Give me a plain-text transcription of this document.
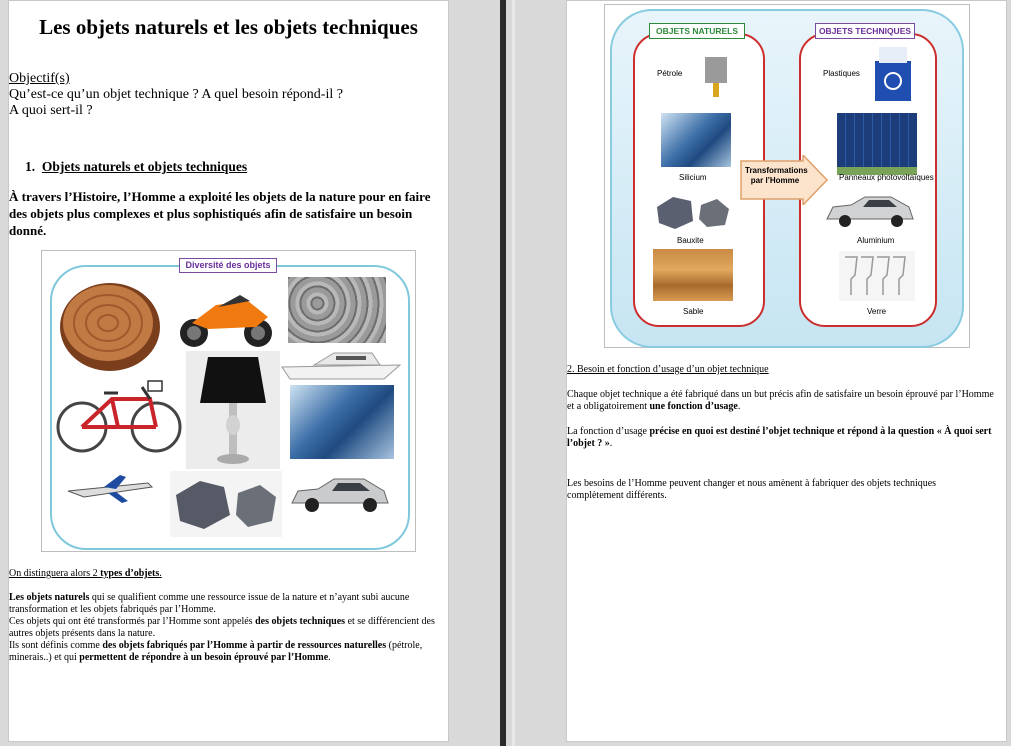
Les objets naturels et les objets techniques
Objectif(s)
Qu’est-ce qu’un objet technique ? A quel besoin répond-il ?
A quoi sert-il ?
1. Objets naturels et objets techniques
À travers l’Histoire, l’Homme a exploité les objets de la nature pour en faire des objets plus complexes et plus sophistiqués afin de satisfaire un besoin donné.
Diversité des objets
On distinguera alors 2 types d’objets.
Les objets naturels qui se qualifient comme une ressource issue de la nature et n’ayant subi aucune transformation et les objets fabriqués par l’Homme.
Ces objets qui ont été transformés par l’Homme sont appelés des objets techniques et se différencient des autres objets présents dans la nature.
Ils sont définis comme des objets fabriqués par l’Homme à partir de ressources naturelles (pétrole, minerais..) et qui permettent de répondre à un besoin éprouvé par l’Homme.
OBJETS NATURELS	OBJETS TECHNIQUES
Pétrole
Silicium
Bauxite
Sable
Transformations par l’Homme
Plastiques
Panneaux photovoltaïques
Aluminium
Verre
2. Besoin et fonction d’usage d’un objet technique
Chaque objet technique a été fabriqué dans un but précis afin de satisfaire un besoin éprouvé par l’Homme et a obligatoirement une fonction d’usage.
La fonction d’usage précise en quoi est destiné l’objet technique et répond à la question « À quoi sert l’objet ? ».
Les besoins de l’Homme peuvent changer et nous amènent à fabriquer des objets techniques complètement différents.
